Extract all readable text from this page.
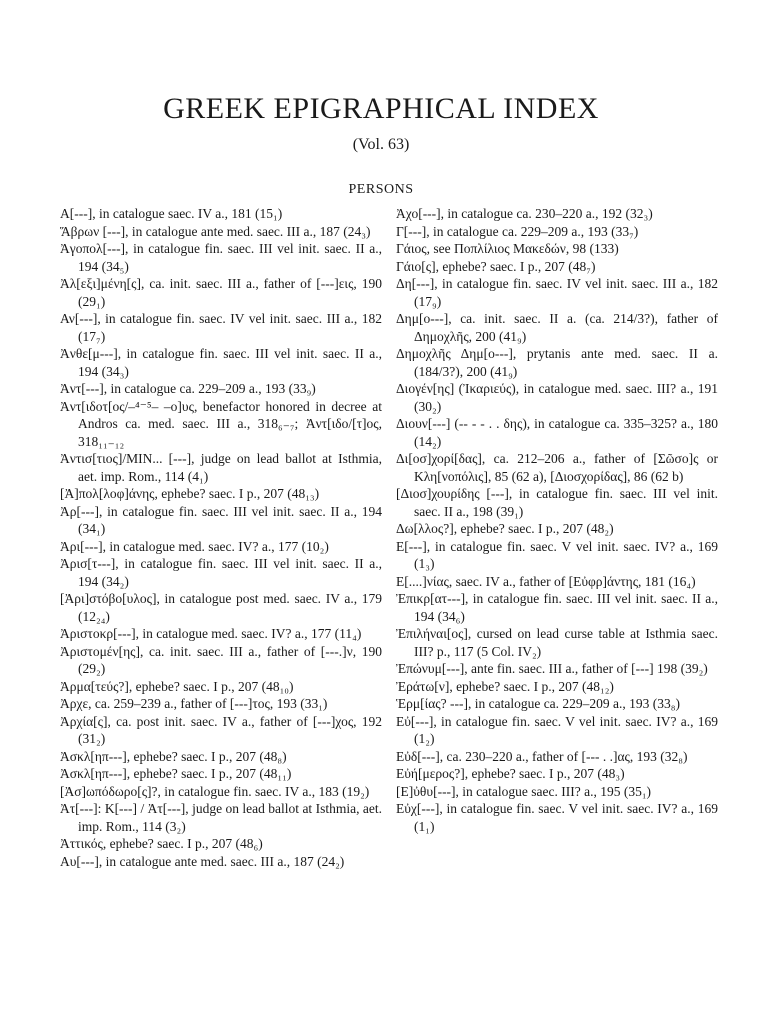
GREEK EPIGRAPHICAL INDEX
(Vol. 63)
PERSONS

Α[---], in catalogue saec. IV a., 181 (15₁)

Ἅβρων [---], in catalogue ante med. saec. III a., 187 (24₃)

Ἀγοπολ[---], in catalogue fin. saec. III vel init. saec. II a., 194 (34₅)

Ἀλ[εξι]μένη[ς], ca. init. saec. III a., father of [---]εις, 190 (29₁)

Αν[---], in catalogue fin. saec. IV vel init. saec. III a., 182 (17₇)

Ἀνθε[μ---], in catalogue fin. saec. III vel init. saec. II a., 194 (34₃)

Ἀντ[---], in catalogue ca. 229–209 a., 193 (33₉)

Ἀντ[ιδοτ[ος/–⁴⁻⁵– –ο]υς, benefactor honored in decree at Andros ca. med. saec. III a., 318₆₋₇; Ἀντ[ιδο/[τ]ος, 318₁₁₋₁₂

Ἀντισ[τιος]/MIN... [---], judge on lead ballot at Isthmia, aet. imp. Rom., 114 (4₁)

[Ἀ]πολ[λοφ]άνης, ephebe? saec. I p., 207 (48₁₃)

Ἀρ[---], in catalogue fin. saec. III vel init. saec. II a., 194 (34₁)

Ἀρι[---], in catalogue med. saec. IV? a., 177 (10₂)

Ἀρισ[τ---], in catalogue fin. saec. III vel init. saec. II a., 194 (34₂)

[Ἀρι]στόβο[υλος], in catalogue post med. saec. IV a., 179 (12₂₄)

Ἀριστοκρ[---], in catalogue med. saec. IV? a., 177 (11₄)

Ἀριστομέν[ης], ca. init. saec. III a., father of [---.]ν, 190 (29₂)

Ἀρμα[τεύς?], ephebe? saec. I p., 207 (48₁₀)

Ἀρχε, ca. 259–239 a., father of [---]τος, 193 (33₁)

Ἀρχία[ς], ca. post init. saec. IV a., father of [---]χος, 192 (31₂)

Ἀσκλ[ηπ---], ephebe? saec. I p., 207 (48₈)

Ἀσκλ[ηπ---], ephebe? saec. I p., 207 (48₁₁)

[Ἀσ]ωπόδωρο[ς]?, in catalogue fin. saec. IV a., 183 (19₂)

Ἀτ[---]: Κ[---] / Ἀτ[---], judge on lead ballot at Isthmia, aet. imp. Rom., 114 (3₂)

Ἀττικός, ephebe? saec. I p., 207 (48₆)

Αυ[---], in catalogue ante med. saec. III a., 187 (24₂)

Ἀχο[---], in catalogue ca. 230–220 a., 192 (32₃)

Γ[---], in catalogue ca. 229–209 a., 193 (33₇)

Γάιος, see Ποπλίλιος Μακεδών, 98 (133)

Γάιο[ς], ephebe? saec. I p., 207 (48₇)

Δη[---], in catalogue fin. saec. IV vel init. saec. III a., 182 (17₉)

Δημ[ο---], ca. init. saec. II a. (ca. 214/3?), father of Δημοχλῆς, 200 (41₉)

Δημοχλῆς Δημ[ο---], prytanis ante med. saec. II a. (184/3?), 200 (41₉)

Διογέν[ης] (Ἰκαριεύς), in catalogue med. saec. III? a., 191 (30₂)

Διουν[---] (-- - - . . δης), in catalogue ca. 335–325? a., 180 (14₂)

Δι[οσ]χορί[δας], ca. 212–206 a., father of [Σῶσο]ς or Κλη[νοπόλις], 85 (62 a), [Διοσχορίδας], 86 (62 b)

[Διοσ]χουρίδης [---], in catalogue fin. saec. III vel init. saec. II a., 198 (39₁)

Δω[λλος?], ephebe? saec. I p., 207 (48₂)

Ε[---], in catalogue fin. saec. V vel init. saec. IV? a., 169 (1₃)

Ε[....]νίας, saec. IV a., father of [Εὐφρ]άντης, 181 (16₄)

Ἐπικρ[ατ---], in catalogue fin. saec. III vel init. saec. II a., 194 (34₆)

Ἐπιλήναι[ος], cursed on lead curse table at Isthmia saec. III? p., 117 (5 Col. IV₂)

Ἐπώνυμ[---], ante fin. saec. III a., father of [---] 198 (39₂)

Ἐράτω[ν], ephebe? saec. I p., 207 (48₁₂)

Ἑρμ[ίας? ---], in catalogue ca. 229–209 a., 193 (33₈)

Εὐ[---], in catalogue fin. saec. V vel init. saec. IV? a., 169 (1₂)

Εὐδ[---], ca. 230–220 a., father of [--- . .]ας, 193 (32₈)

Εὐή[μερος?], ephebe? saec. I p., 207 (48₃)

[Ε]ὐθυ[---], in catalogue saec. III? a., 195 (35₁)

Εὐχ[---], in catalogue fin. saec. V vel init. saec. IV? a., 169 (1₁)
